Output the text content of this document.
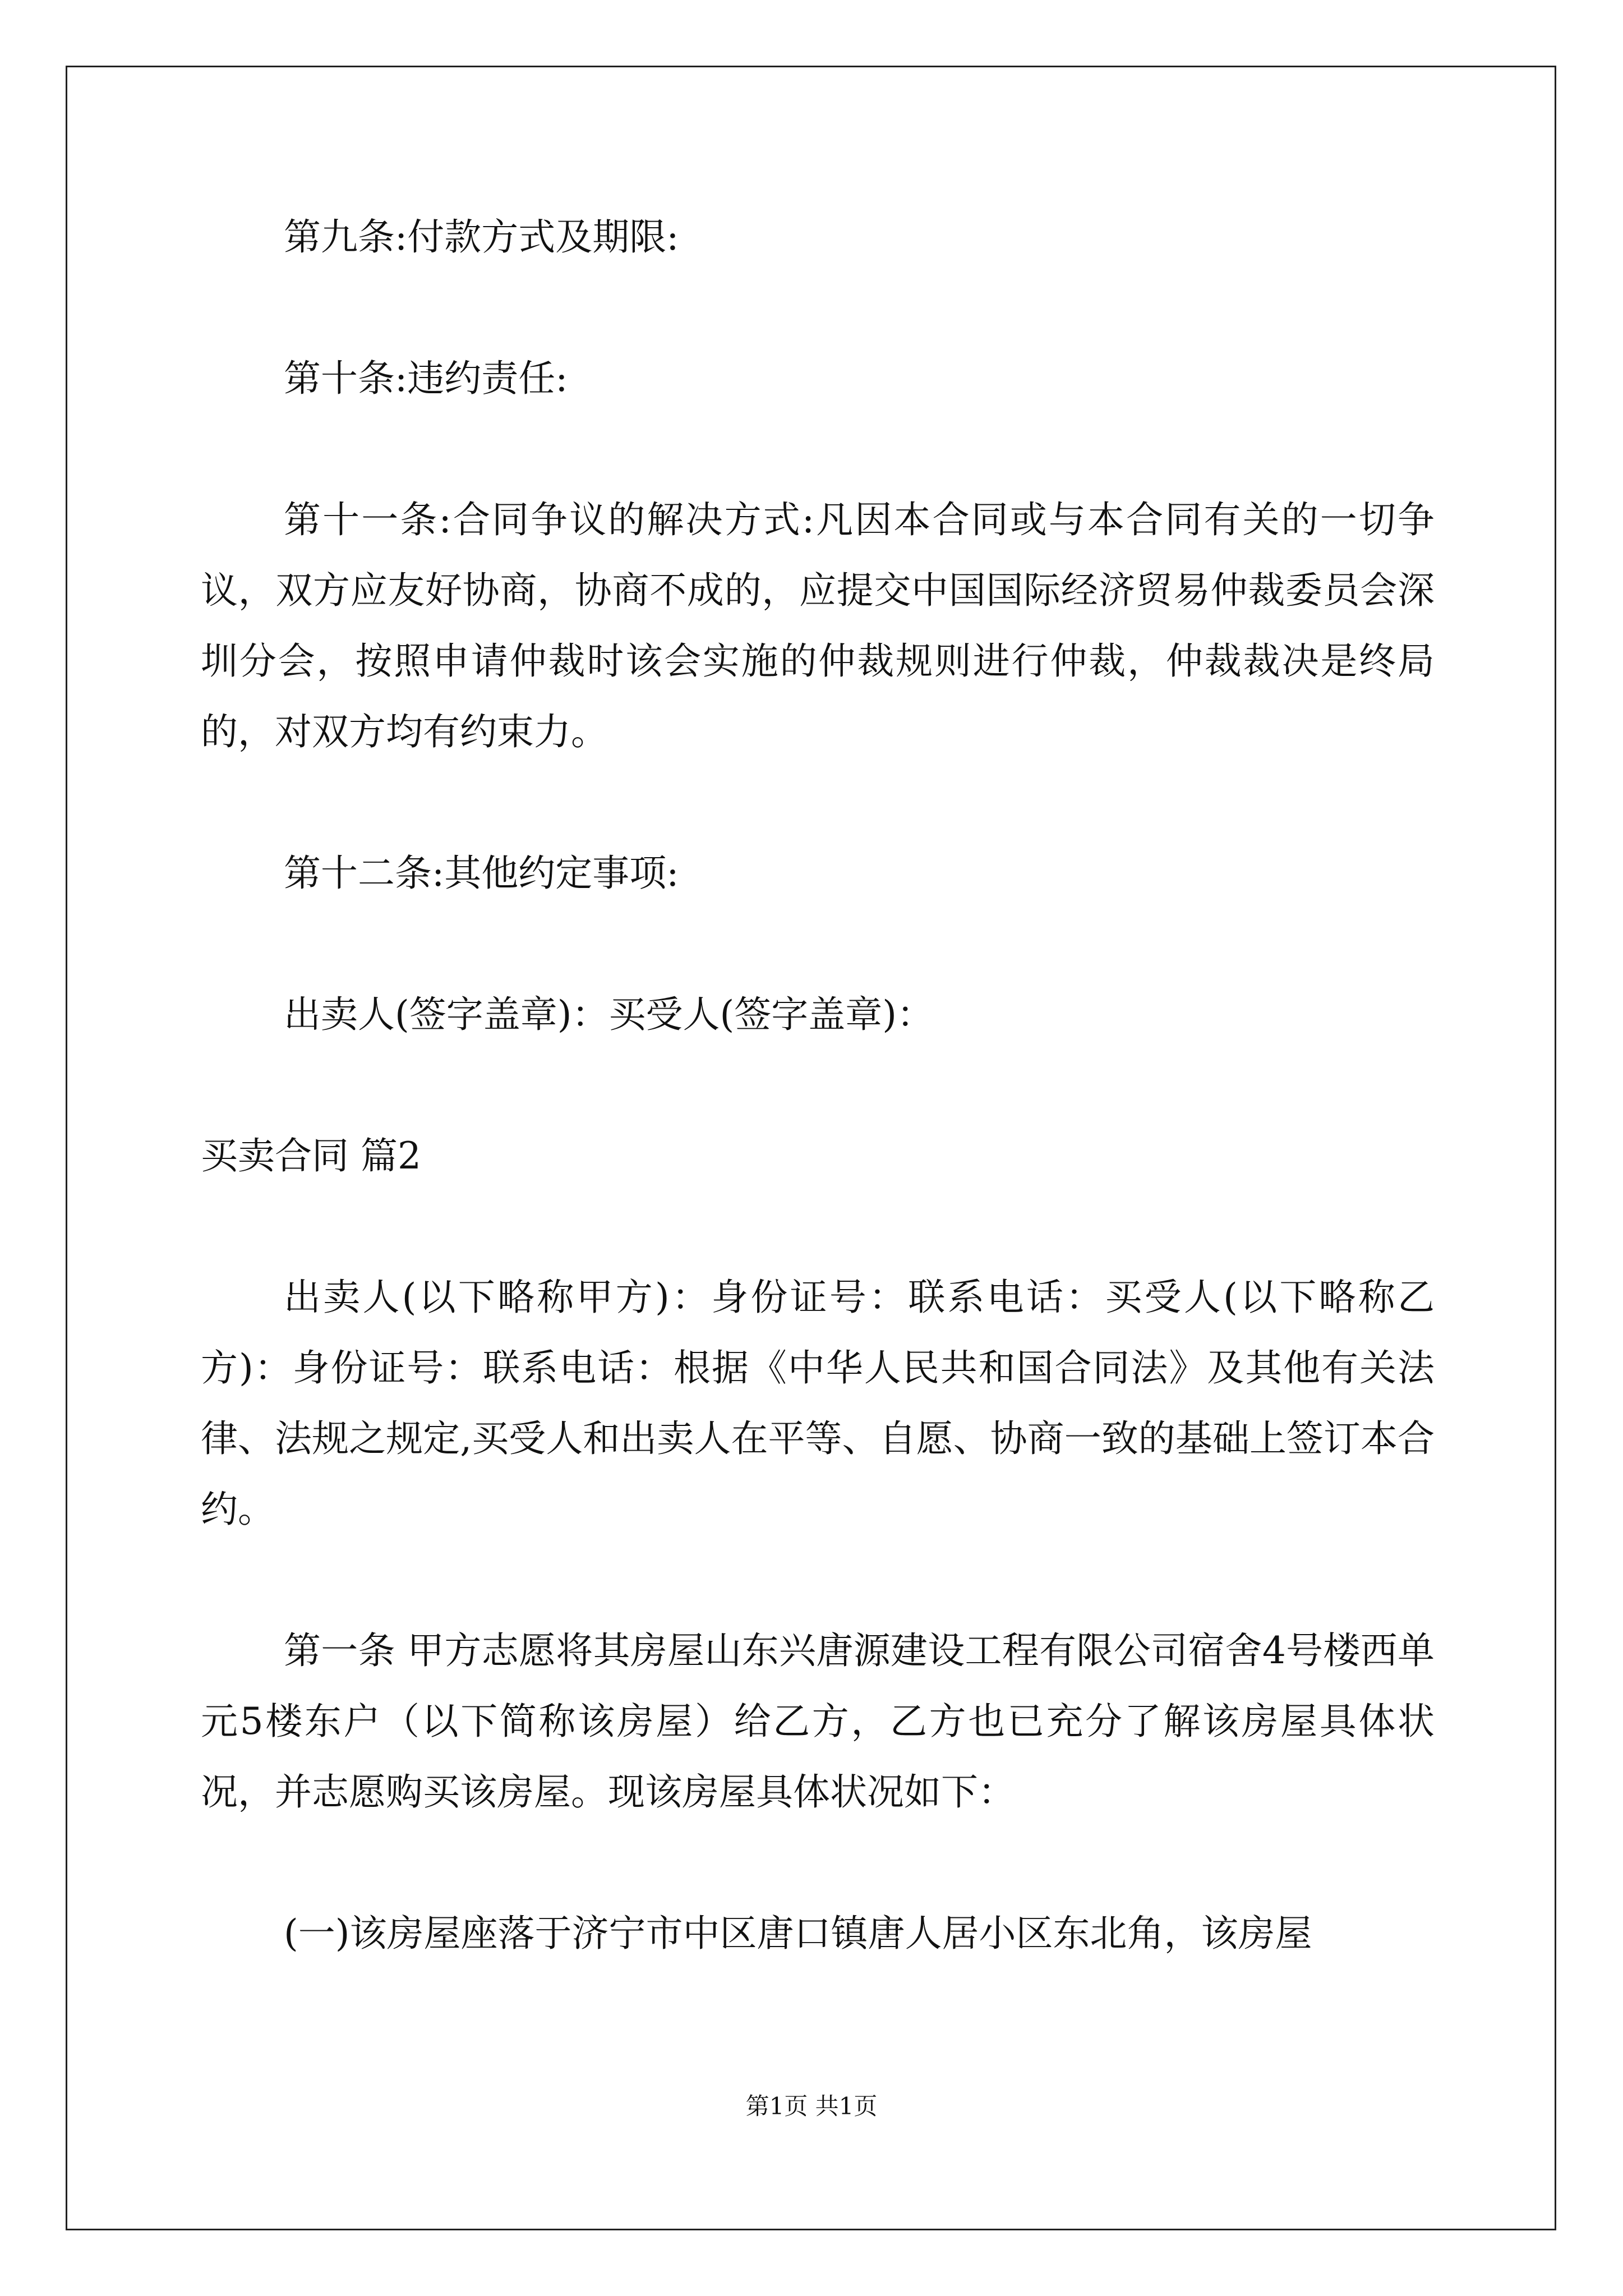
第九条:付款方式及期限:

第十条:违约责任:

第十一条:合同争议的解决方式:凡因本合同或与本合同有关的一切争议，双方应友好协商，协商不成的，应提交中国国际经济贸易仲裁委员会深圳分会，按照申请仲裁时该会实施的仲裁规则进行仲裁，仲裁裁决是终局的，对双方均有约束力。

第十二条:其他约定事项:

出卖人(签字盖章)：买受人(签字盖章)：

买卖合同 篇2

出卖人(以下略称甲方)：身份证号：联系电话：买受人(以下略称乙方)：身份证号：联系电话：根据《中华人民共和国合同法》及其他有关法律、法规之规定,买受人和出卖人在平等、自愿、协商一致的基础上签订本合约。

第一条 甲方志愿将其房屋山东兴唐源建设工程有限公司宿舍4号楼西单元5楼东户（以下简称该房屋）给乙方，乙方也已充分了解该房屋具体状况，并志愿购买该房屋。现该房屋具体状况如下：

(一)该房屋座落于济宁市中区唐口镇唐人居小区东北角，该房屋

第1页 共1页
